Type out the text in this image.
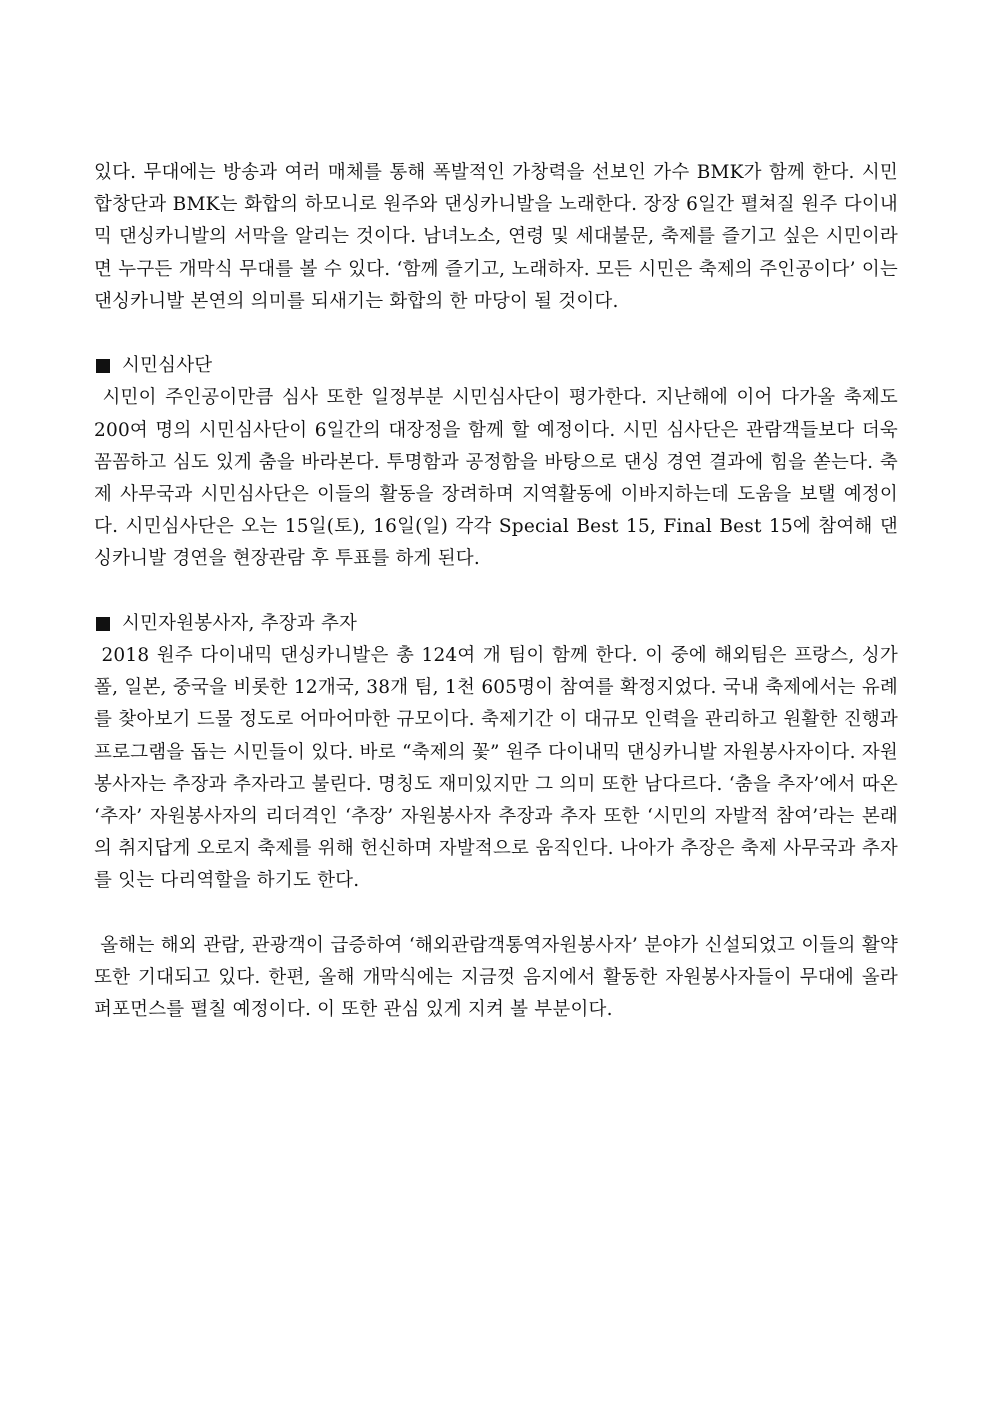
있다. 무대에는 방송과 여러 매체를 통해 폭발적인 가창력을 선보인 가수 BMK가 함께 한다. 시민 합창단과 BMK는 화합의 하모니로 원주와 댄싱카니발을 노래한다. 장장 6일간 펼쳐질 원주 다이내믹 댄싱카니발의 서막을 알리는 것이다. 남녀노소, 연령 및 세대불문, 축제를 즐기고 싶은 시민이라면 누구든 개막식 무대를 볼 수 있다. ‘함께 즐기고, 노래하자. 모든 시민은 축제의 주인공이다’ 이는 댄싱카니발 본연의 의미를 되새기는 화합의 한 마당이 될 것이다.

시민심사단

시민이 주인공이만큼 심사 또한 일정부분 시민심사단이 평가한다. 지난해에 이어 다가올 축제도 200여 명의 시민심사단이 6일간의 대장정을 함께 할 예정이다. 시민 심사단은 관람객들보다 더욱 꼼꼼하고 심도 있게 춤을 바라본다. 투명함과 공정함을 바탕으로 댄싱 경연 결과에 힘을 쏟는다. 축제 사무국과 시민심사단은 이들의 활동을 장려하며 지역활동에 이바지하는데 도움을 보탤 예정이다. 시민심사단은 오는 15일(토), 16일(일) 각각 Special Best 15, Final Best 15에 참여해 댄싱카니발 경연을 현장관람 후 투표를 하게 된다.

시민자원봉사자, 추장과 추자

2018 원주 다이내믹 댄싱카니발은 총 124여 개 팀이 함께 한다. 이 중에 해외팀은 프랑스, 싱가폴, 일본, 중국을 비롯한 12개국, 38개 팀, 1천 605명이 참여를 확정지었다. 국내 축제에서는 유례를 찾아보기 드물 정도로 어마어마한 규모이다. 축제기간 이 대규모 인력을 관리하고 원활한 진행과 프로그램을 돕는 시민들이 있다. 바로 “축제의 꽃” 원주 다이내믹 댄싱카니발 자원봉사자이다. 자원봉사자는 추장과 추자라고 불린다. 명칭도 재미있지만 그 의미 또한 남다르다. ‘춤을 추자’에서 따온 ‘추자’ 자원봉사자의 리더격인 ‘추장’ 자원봉사자 추장과 추자 또한 ‘시민의 자발적 참여’라는 본래의 취지답게 오로지 축제를 위해 헌신하며 자발적으로 움직인다. 나아가 추장은 축제 사무국과 추자를 잇는 다리역할을 하기도 한다.

올해는 해외 관람, 관광객이 급증하여 ‘해외관람객통역자원봉사자’ 분야가 신설되었고 이들의 활약 또한 기대되고 있다. 한편, 올해 개막식에는 지금껏 음지에서 활동한 자원봉사자들이 무대에 올라 퍼포먼스를 펼칠 예정이다. 이 또한 관심 있게 지켜 볼 부분이다.
